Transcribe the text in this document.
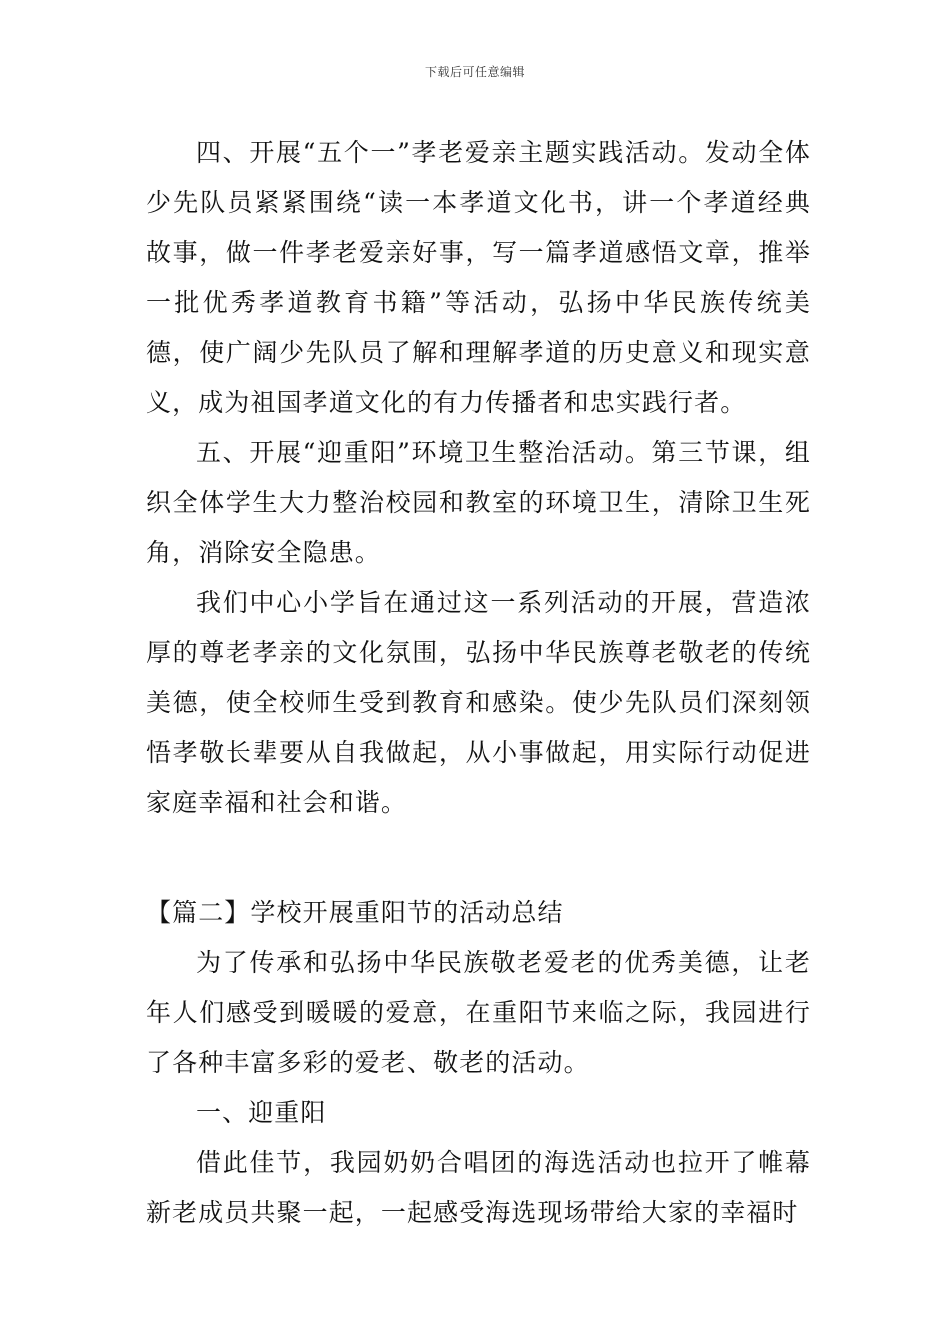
下载后可任意编辑

四、开展“五个一”孝老爱亲主题实践活动。发动全体少先队员紧紧围绕“读一本孝道文化书，讲一个孝道经典故事，做一件孝老爱亲好事，写一篇孝道感悟文章，推举一批优秀孝道教育书籍”等活动，弘扬中华民族传统美德，使广阔少先队员了解和理解孝道的历史意义和现实意义，成为祖国孝道文化的有力传播者和忠实践行者。

五、开展“迎重阳”环境卫生整治活动。第三节课，组织全体学生大力整治校园和教室的环境卫生，清除卫生死角，消除安全隐患。

我们中心小学旨在通过这一系列活动的开展，营造浓厚的尊老孝亲的文化氛围，弘扬中华民族尊老敬老的传统美德，使全校师生受到教育和感染。使少先队员们深刻领悟孝敬长辈要从自我做起，从小事做起，用实际行动促进家庭幸福和社会和谐。

【篇二】学校开展重阳节的活动总结

为了传承和弘扬中华民族敬老爱老的优秀美德，让老年人们感受到暖暖的爱意，在重阳节来临之际，我园进行了各种丰富多彩的爱老、敬老的活动。

一、迎重阳

借此佳节，我园奶奶合唱团的海选活动也拉开了帷幕新老成员共聚一起，一起感受海选现场带给大家的幸福时
